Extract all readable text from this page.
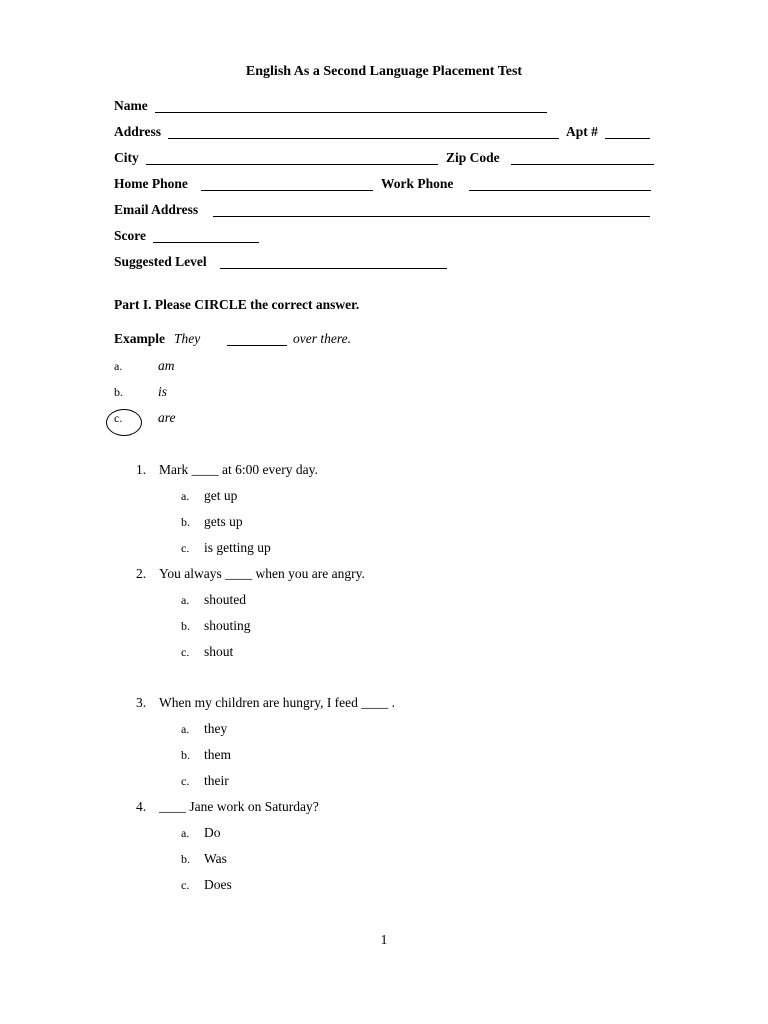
English As a Second Language Placement Test
Name
Address	Apt #
City	Zip Code
Home Phone	Work Phone
Email Address
Score
Suggested Level
Part I. Please CIRCLE the correct answer.
Example They	over there.
a.	am
b.	is
c.	are
1. Mark ____ at 6:00 every day.
a. get up
b. gets up
c. is getting up
2. You always ____ when you are angry.
a. shouted
b. shouting
c. shout
3. When my children are hungry, I feed ____ .
a. they
b. them
c. their
4. ____ Jane work on Saturday?
a. Do
b. Was
c. Does
1
